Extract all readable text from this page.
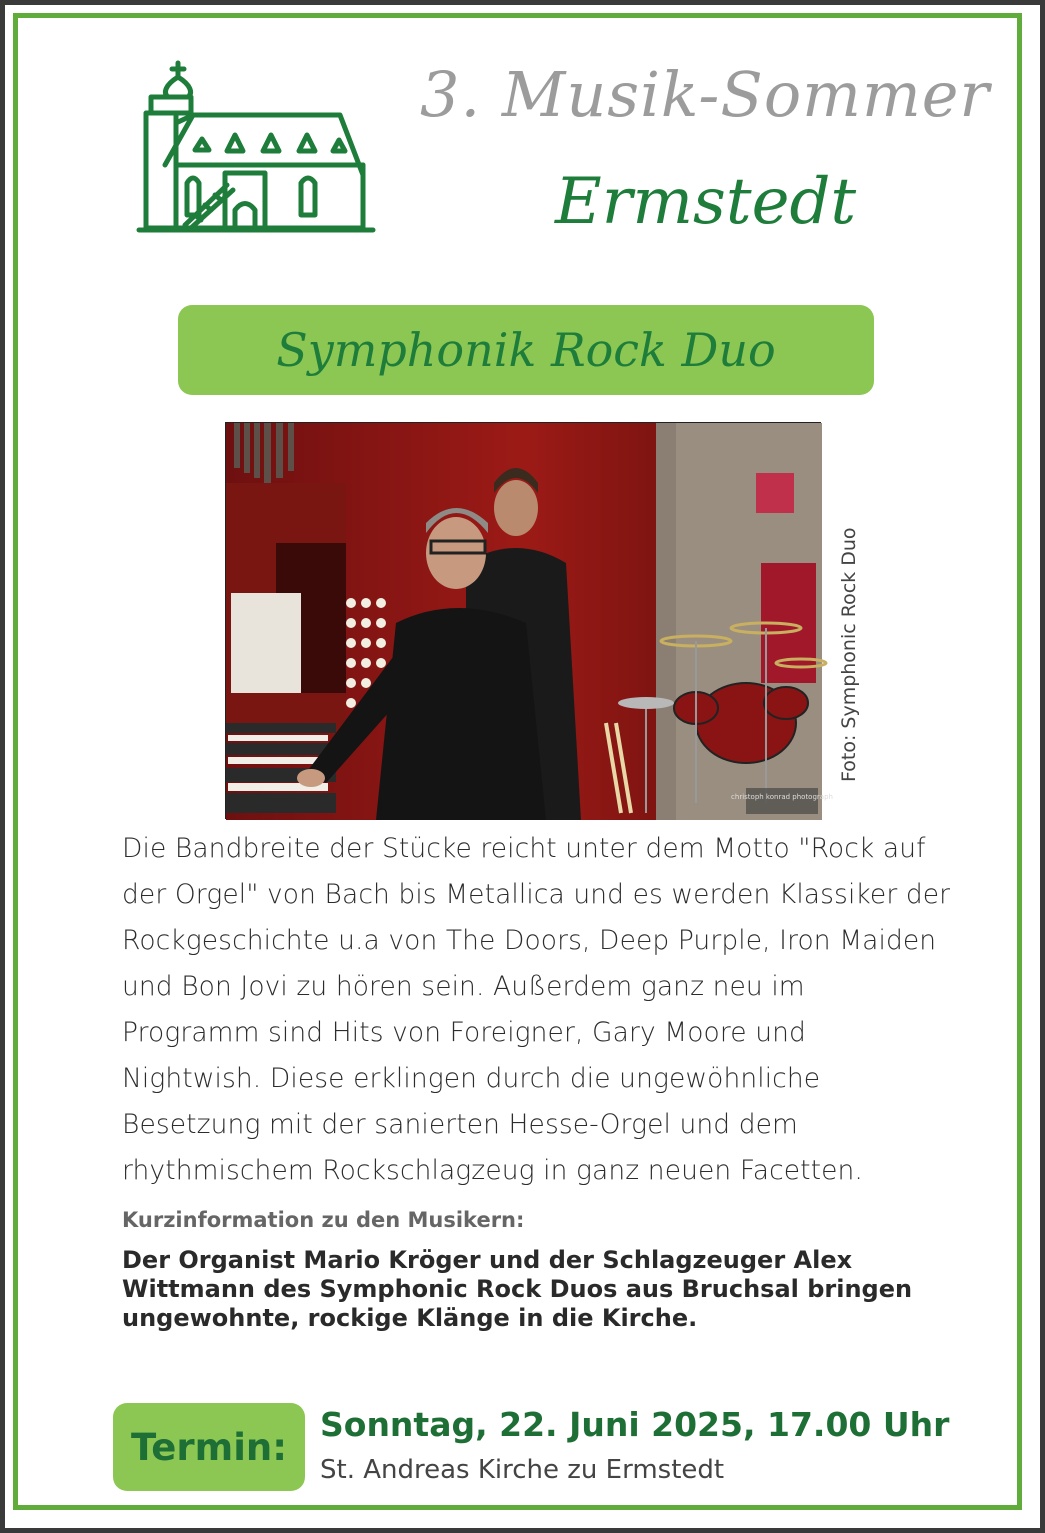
3. Musik-Sommer
Ermstedt
Symphonik Rock Duo
christoph konrad photograph
Foto: Symphonic Rock Duo
Die Bandbreite der Stücke reicht unter dem Motto "Rock auf
der Orgel" von Bach bis Metallica und es werden Klassiker der
Rockgeschichte u.a von The Doors, Deep Purple, Iron Maiden
und Bon Jovi zu hören sein. Außerdem ganz neu im
Programm sind Hits von Foreigner, Gary Moore und
Nightwish. Diese erklingen durch die ungewöhnliche
Besetzung mit der sanierten Hesse-Orgel und dem
rhythmischem Rockschlagzeug in ganz neuen Facetten.
Kurzinformation zu den Musikern:
Der Organist Mario Kröger und der Schlagzeuger Alex
Wittmann des Symphonic Rock Duos aus Bruchsal bringen
ungewohnte, rockige Klänge in die Kirche.
Termin:
Sonntag, 22. Juni 2025, 17.00 Uhr
St. Andreas Kirche zu Ermstedt
